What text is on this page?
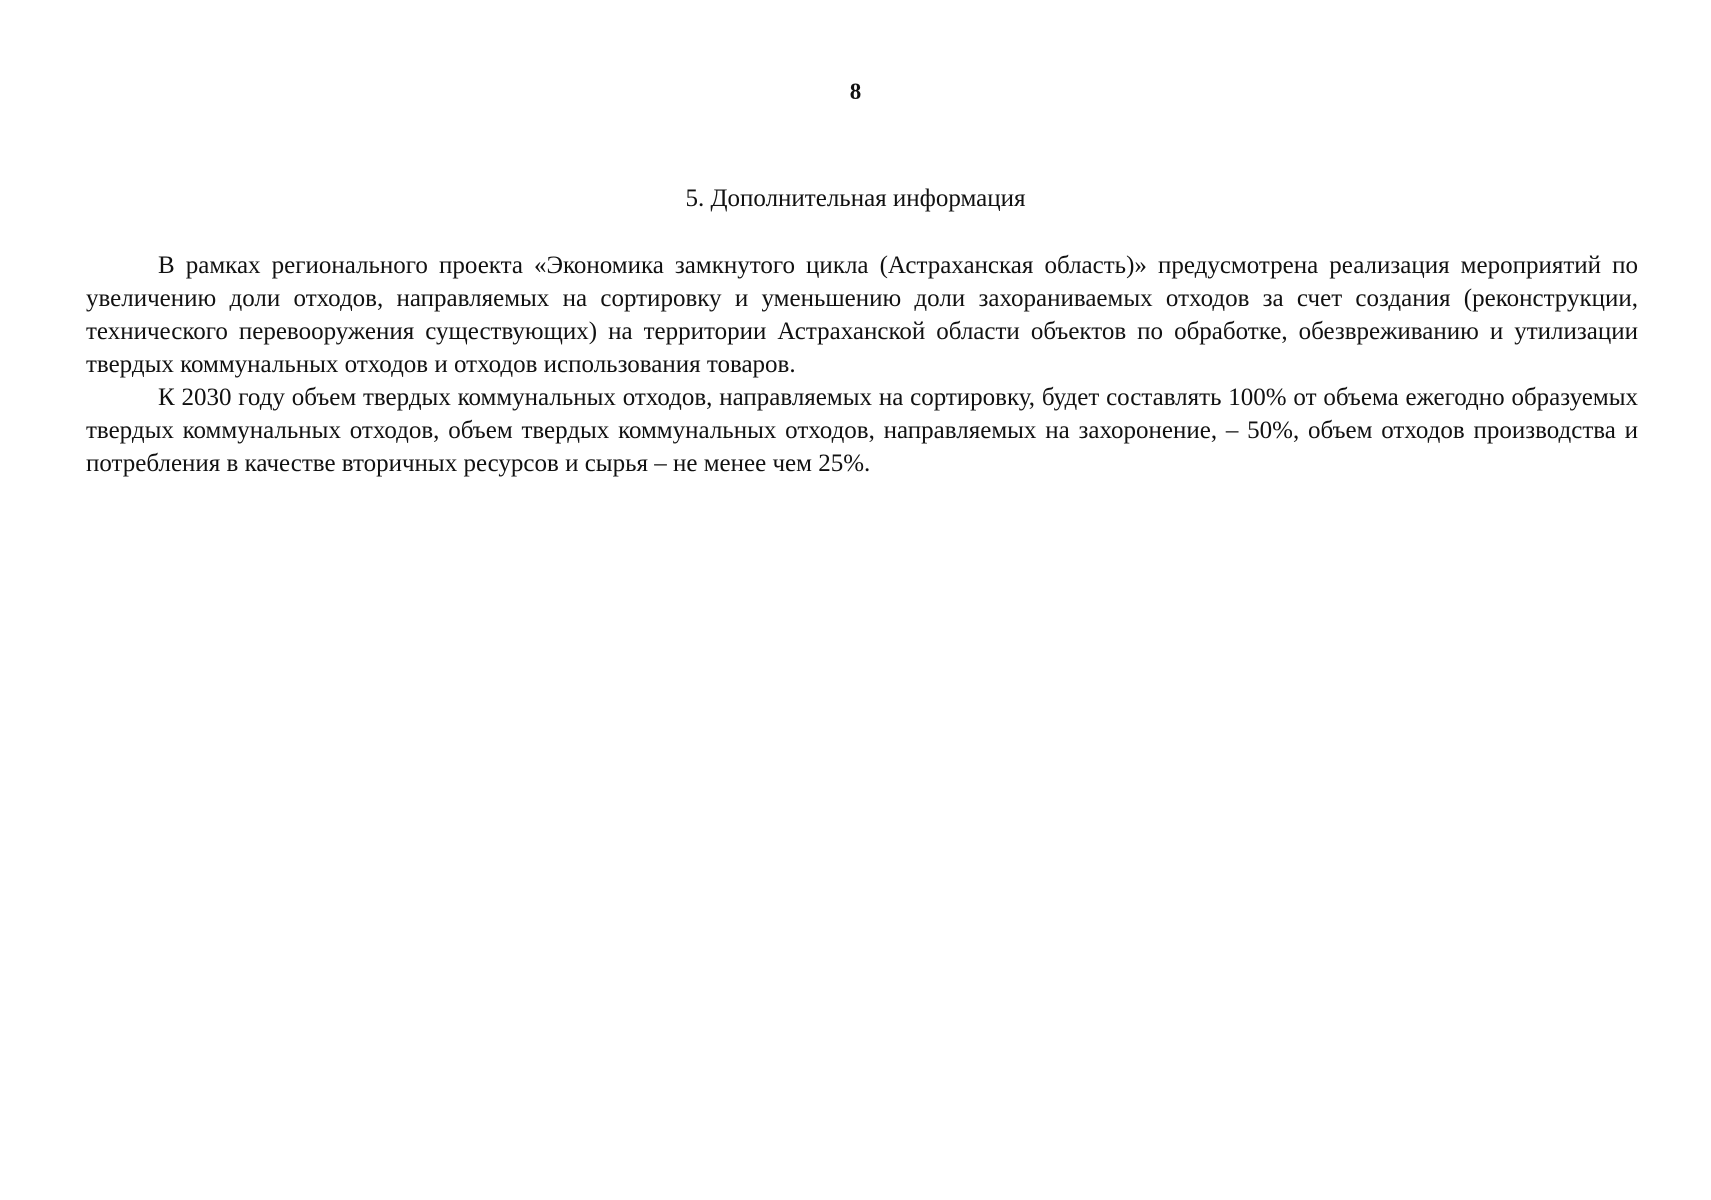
8
5. Дополнительная информация

В рамках регионального проекта «Экономика замкнутого цикла (Астраханская область)» предусмотрена реализация мероприятий по увеличению доли отходов, направляемых на сортировку и уменьшению доли захораниваемых отходов за счет создания (реконструкции, технического перевооружения существующих) на территории Астраханской области объектов по обработке, обезвреживанию и утилизации твердых коммунальных отходов и отходов использования товаров.

К 2030 году объем твердых коммунальных отходов, направляемых на сортировку, будет составлять 100% от объема ежегодно образуемых твердых коммунальных отходов, объем твердых коммунальных отходов, направляемых на захоронение, – 50%, объем отходов производства и потребления в качестве вторичных ресурсов и сырья – не менее чем 25%.
